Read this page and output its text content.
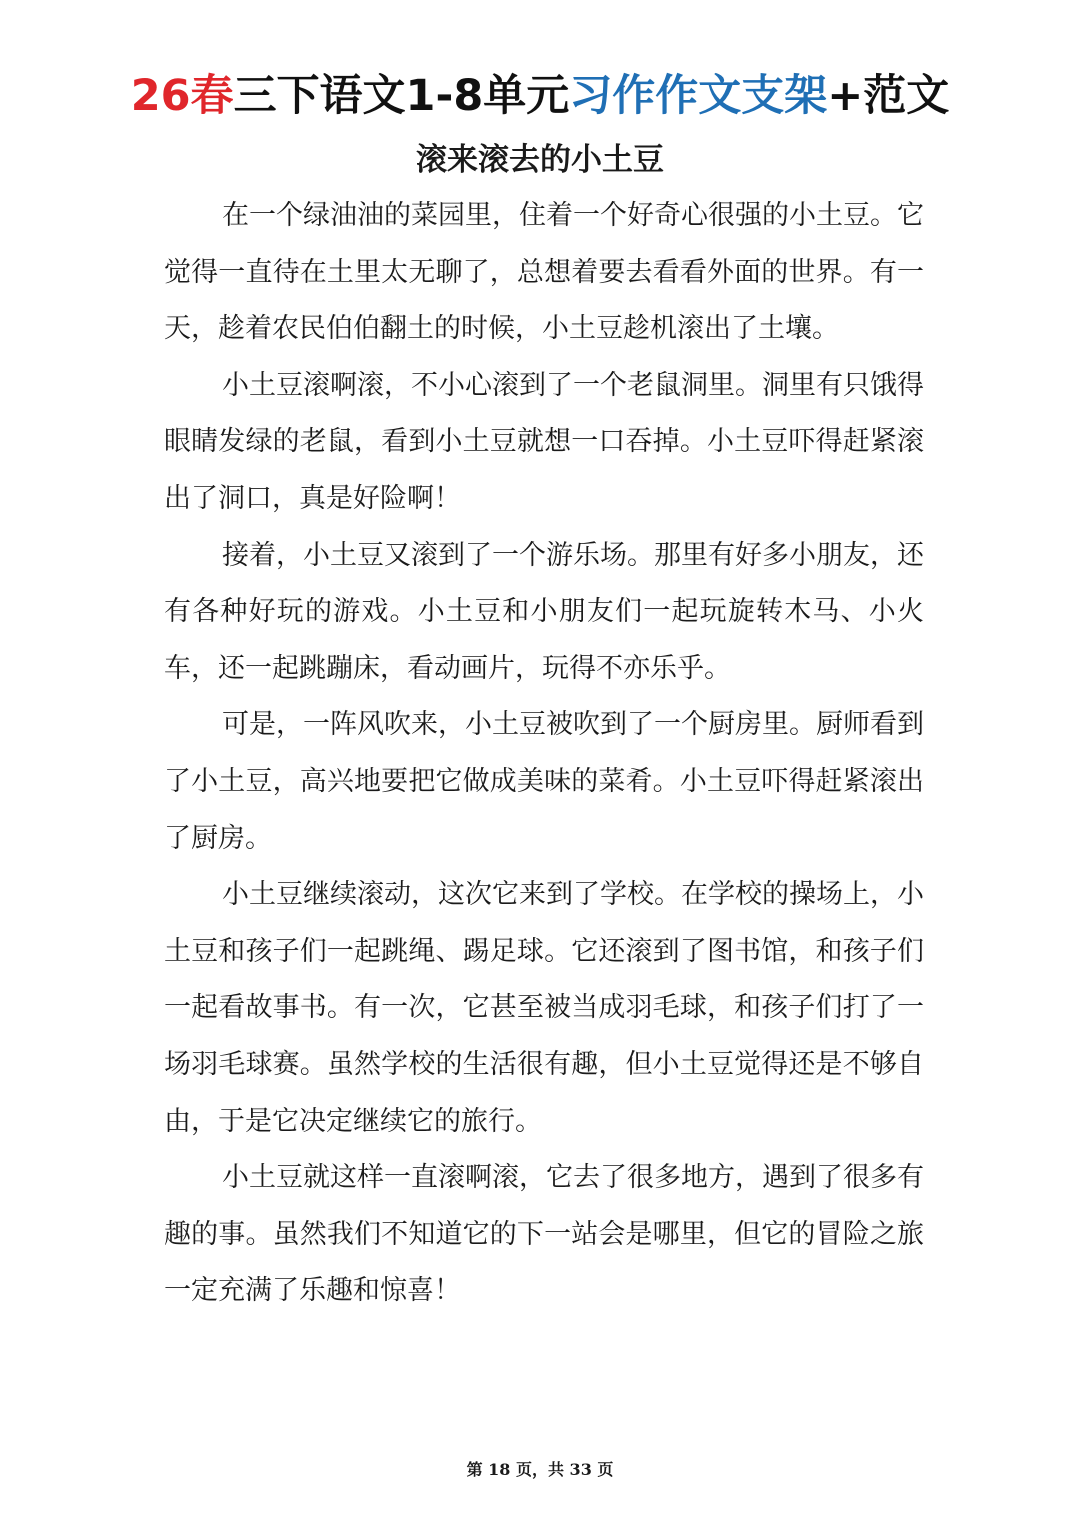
26春三下语文1-8单元习作作文支架+范文
滚来滚去的小土豆

在一个绿油油的菜园里，住着一个好奇心很强的小土豆。它觉得一直待在土里太无聊了，总想着要去看看外面的世界。有一天，趁着农民伯伯翻土的时候，小土豆趁机滚出了土壤。

小土豆滚啊滚，不小心滚到了一个老鼠洞里。洞里有只饿得眼睛发绿的老鼠，看到小土豆就想一口吞掉。小土豆吓得赶紧滚出了洞口，真是好险啊！

接着，小土豆又滚到了一个游乐场。那里有好多小朋友，还有各种好玩的游戏。小土豆和小朋友们一起玩旋转木马、小火车，还一起跳蹦床，看动画片，玩得不亦乐乎。

可是，一阵风吹来，小土豆被吹到了一个厨房里。厨师看到了小土豆，高兴地要把它做成美味的菜肴。小土豆吓得赶紧滚出了厨房。

小土豆继续滚动，这次它来到了学校。在学校的操场上，小土豆和孩子们一起跳绳、踢足球。它还滚到了图书馆，和孩子们一起看故事书。有一次，它甚至被当成羽毛球，和孩子们打了一场羽毛球赛。虽然学校的生活很有趣，但小土豆觉得还是不够自由，于是它决定继续它的旅行。

小土豆就这样一直滚啊滚，它去了很多地方，遇到了很多有趣的事。虽然我们不知道它的下一站会是哪里，但它的冒险之旅一定充满了乐趣和惊喜！

第 18 页，共 33 页
